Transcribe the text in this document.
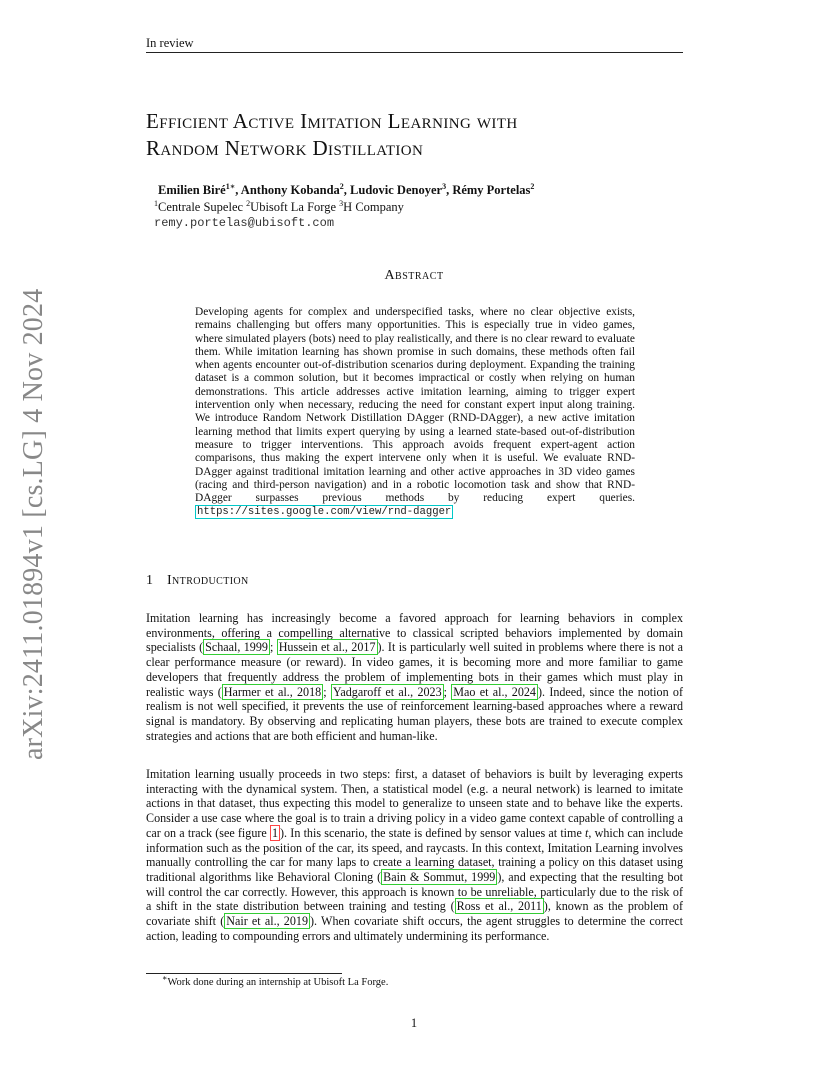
In review
arXiv:2411.01894v1 [cs.LG] 4 Nov 2024
Efficient Active Imitation Learning with
Random Network Distillation
Emilien Biré$^{1∗}$, Anthony Kobanda$^2$, Ludovic Denoyer$^3$, Rémy Portelas$^2$
$^1$Centrale Supelec $^2$Ubisoft La Forge $^3$H Company
remy.portelas@ubisoft.com
Abstract
Developing agents for complex and underspecified tasks, where no clear objective exists, remains challenging but offers many opportunities. This is especially true in video games, where simulated players (bots) need to play realistically, and there is no clear reward to evaluate them. While imitation learning has shown promise in such domains, these methods often fail when agents encounter out-of-distribution scenarios during deployment. Expanding the training dataset is a common solution, but it becomes impractical or costly when relying on human demonstrations. This article addresses active imitation learning, aiming to trigger expert intervention only when necessary, reducing the need for constant expert input along training. We introduce Random Network Distillation DAgger (RND-DAgger), a new active imitation learning method that limits expert querying by using a learned state-based out-of-distribution measure to trigger interventions. This approach avoids frequent expert-agent action comparisons, thus making the expert intervene only when it is useful. We evaluate RND-DAgger against traditional imitation learning and other active approaches in 3D video games (racing and third-person navigation) and in a robotic locomotion task and show that RND-DAgger surpasses previous methods by reducing expert queries. https://sites.google.com/view/rnd-dagger
1 Introduction
Imitation learning has increasingly become a favored approach for learning behaviors in complex environments, offering a compelling alternative to classical scripted behaviors implemented by domain specialists ( Schaal, 1999 ; Hussein et al., 2017 ). It is particularly well suited in problems where there is not a clear performance measure (or reward). In video games, it is becoming more and more familiar to game developers that frequently address the problem of implementing bots in their games which must play in realistic ways ( Harmer et al., 2018 ; Yadgaroff et al., 2023 ; Mao et al., 2024 ). Indeed, since the notion of realism is not well specified, it prevents the use of reinforcement learning-based approaches where a reward signal is mandatory. By observing and replicating human players, these bots are trained to execute complex strategies and actions that are both efficient and human-like.
Imitation learning usually proceeds in two steps: first, a dataset of behaviors is built by leveraging experts interacting with the dynamical system. Then, a statistical model (e.g. a neural network) is learned to imitate actions in that dataset, thus expecting this model to generalize to unseen state and to behave like the experts. Consider a use case where the goal is to train a driving policy in a video game context capable of controlling a car on a track (see figure 1 ). In this scenario, the state is defined by sensor values at time t, which can include information such as the position of the car, its speed, and raycasts. In this context, Imitation Learning involves manually controlling the car for many laps to create a learning dataset, training a policy on this dataset using traditional algorithms like Behavioral Cloning ( Bain & Sommut, 1999 ), and expecting that the resulting bot will control the car correctly. However, this approach is known to be unreliable, particularly due to the risk of a shift in the state distribution between training and testing ( Ross et al., 2011 ), known as the problem of covariate shift ( Nair et al., 2019 ). When covariate shift occurs, the agent struggles to determine the correct action, leading to compounding errors and ultimately undermining its performance.
∗Work done during an internship at Ubisoft La Forge.
1
